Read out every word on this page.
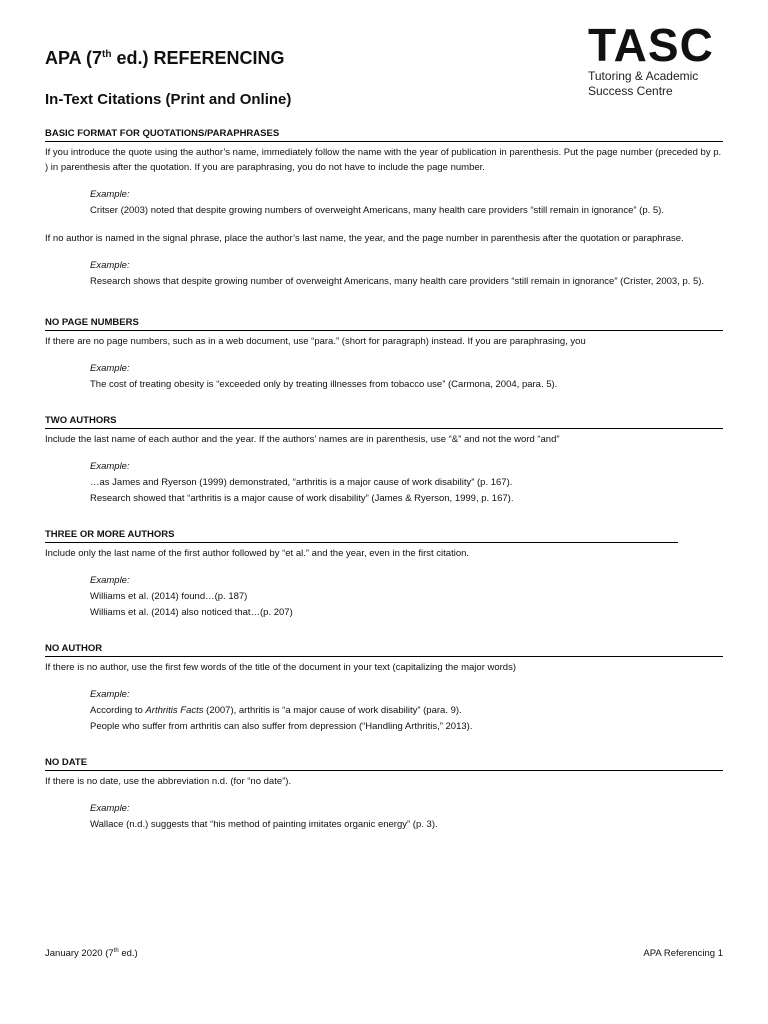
TASC
Tutoring & Academic
Success Centre
APA (7th ed.) REFERENCING
In-Text Citations (Print and Online)
BASIC FORMAT FOR QUOTATIONS/PARAPHRASES
If you introduce the quote using the author’s name, immediately follow the name with the year of publication in parenthesis. Put the page number (preceded by p. ) in parenthesis after the quotation. If you are paraphrasing, you do not have to include the page number.
Example:
Critser (2003) noted that despite growing numbers of overweight Americans, many health care providers “still remain in ignorance” (p. 5).
If no author is named in the signal phrase, place the author’s last name, the year, and the page number in parenthesis after the quotation or paraphrase.
Example:
Research shows that despite growing number of overweight Americans, many health care providers “still remain in ignorance” (Crister, 2003, p. 5).
NO PAGE NUMBERS
If there are no page numbers, such as in a web document, use “para.” (short for paragraph) instead. If you are paraphrasing, you
Example:
The cost of treating obesity is “exceeded only by treating illnesses from tobacco use” (Carmona, 2004, para. 5).
TWO AUTHORS
Include the last name of each author and the year. If the authors’ names are in parenthesis, use “&” and not the word “and”
Example:
…as James and Ryerson (1999) demonstrated, “arthritis is a major cause of work disability” (p. 167).
Research showed that “arthritis is a major cause of work disability” (James & Ryerson, 1999, p. 167).
THREE OR MORE AUTHORS
Include only the last name of the first author followed by “et al.” and the year, even in the first citation.
Example:
Williams et al. (2014) found…(p. 187)
Williams et al. (2014) also noticed that…(p. 207)
NO AUTHOR
If there is no author, use the first few words of the title of the document in your text (capitalizing the major words)
Example:
According to Arthritis Facts (2007), arthritis is “a major cause of work disability” (para. 9).
People who suffer from arthritis can also suffer from depression (“Handling Arthritis,” 2013).
NO DATE
If there is no date, use the abbreviation n.d. (for “no date”).
Example:
Wallace (n.d.) suggests that “his method of painting imitates organic energy” (p. 3).
January 2020 (7th ed.)	APA Referencing 1
